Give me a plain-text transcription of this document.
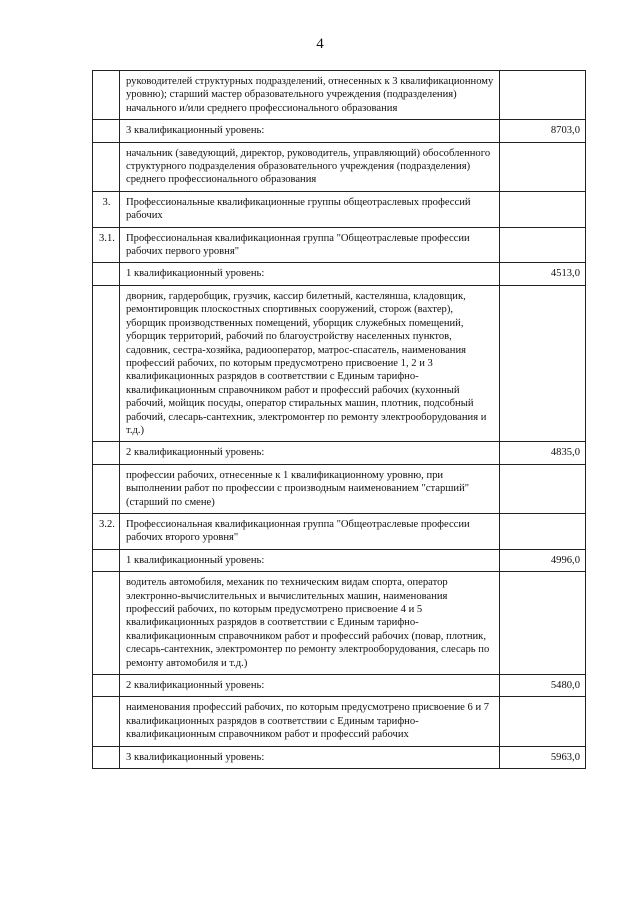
4
	руководителей структурных подразделений, отнесенных к 3 квалификационному уровню); старший мастер образовательного учреждения (подразделения) начального и/или среднего профессионального образования	
	3 квалификационный уровень:	8703,0
	начальник (заведующий, директор, руководитель, управляющий) обособленного структурного подразделения образовательного учреждения (подразделения) среднего профессионального образования	
3.	Профессиональные квалификационные группы общеотраслевых профессий рабочих	
3.1.	Профессиональная квалификационная группа "Общеотраслевые профессии рабочих первого уровня"	
	1 квалификационный уровень:	4513,0
	дворник, гардеробщик, грузчик, кассир билетный, кастелянша, кладовщик, ремонтировщик плоскостных спортивных сооружений, сторож (вахтер), уборщик производственных помещений, уборщик служебных помещений, уборщик территорий, рабочий по благоустройству населенных пунктов, садовник, сестра-хозяйка, радиооператор, матрос-спасатель, наименования профессий рабочих, по которым предусмотрено присвоение 1, 2 и 3 квалификационных разрядов в соответствии с Единым тарифно-квалификационным справочником работ и профессий рабочих (кухонный рабочий, мойщик посуды, оператор стиральных машин, плотник, подсобный рабочий, слесарь-сантехник, электромонтер по ремонту электрооборудования и т.д.)	
	2 квалификационный уровень:	4835,0
	профессии рабочих, отнесенные к 1 квалификационному уровню, при выполнении работ по профессии с производным наименованием "старший" (старший по смене)	
3.2.	Профессиональная квалификационная группа "Общеотраслевые профессии рабочих второго уровня"	
	1 квалификационный уровень:	4996,0
	водитель автомобиля, механик по техническим видам спорта, оператор электронно-вычислительных и вычислительных машин, наименования профессий рабочих, по которым предусмотрено присвоение 4 и 5 квалификационных разрядов в соответствии с Единым тарифно-квалификационным справочником работ и профессий рабочих (повар, плотник, слесарь-сантехник, электромонтер по ремонту электрооборудования, слесарь по ремонту автомобиля и т.д.)	
	2 квалификационный уровень:	5480,0
	наименования профессий рабочих, по которым предусмотрено присвоение 6 и 7 квалификационных разрядов в соответствии с Единым тарифно-квалификационным справочником работ и профессий рабочих	
	3 квалификационный уровень:	5963,0
